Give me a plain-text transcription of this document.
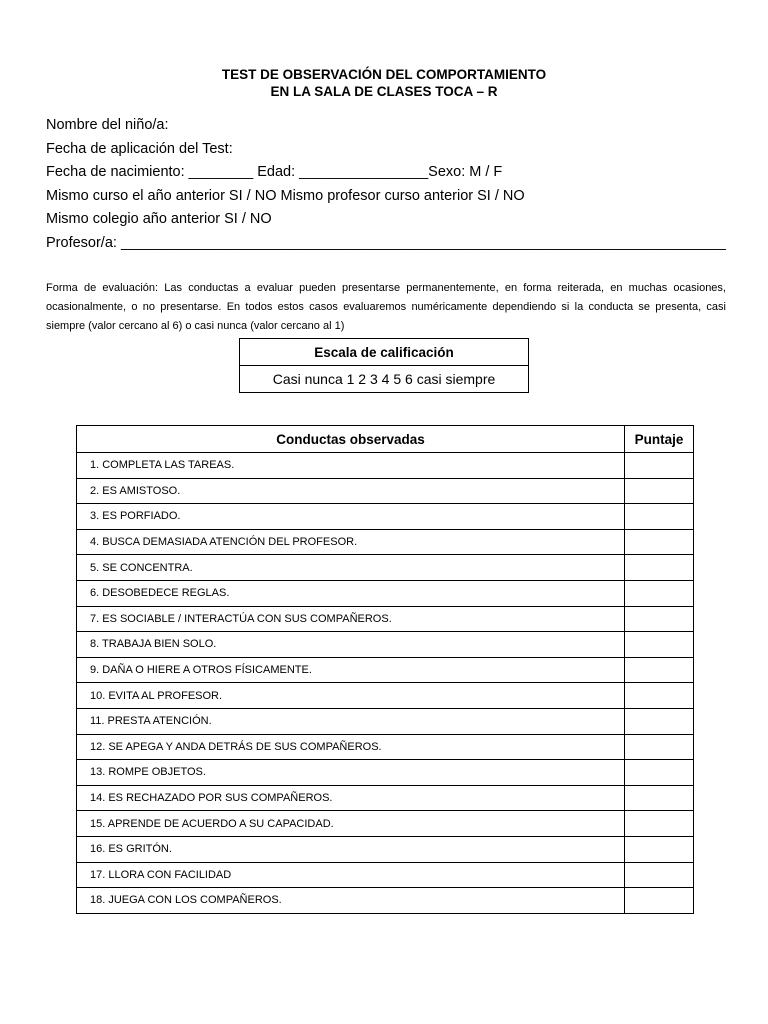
TEST DE OBSERVACIÓN DEL COMPORTAMIENTO
EN LA SALA DE CLASES TOCA – R
Nombre del niño/a:
Fecha de aplicación del Test:
Fecha de nacimiento: ________ Edad: ________________Sexo: M / F
Mismo curso el año anterior SI / NO Mismo profesor curso anterior SI / NO
Mismo colegio año anterior SI / NO
Profesor/a: ___________________________________________________________________________
Forma de evaluación: Las conductas a evaluar pueden presentarse permanentemente, en forma reiterada, en muchas ocasiones, ocasionalmente, o no presentarse. En todos estos casos evaluaremos numéricamente dependiendo si la conducta se presenta, casi siempre (valor cercano al 6) o casi nunca (valor cercano al 1)
Escala de calificación
Casi nunca 1 2 3 4 5 6 casi siempre
Conductas observadas	Puntaje
1. COMPLETA LAS TAREAS.	
2. ES AMISTOSO.	
3. ES PORFIADO.	
4. BUSCA DEMASIADA ATENCIÓN DEL PROFESOR.	
5. SE CONCENTRA.	
6. DESOBEDECE REGLAS.	
7. ES SOCIABLE / INTERACTÚA CON SUS COMPAÑEROS.	
8. TRABAJA BIEN SOLO.	
9. DAÑA O HIERE A OTROS FÍSICAMENTE.	
10. EVITA AL PROFESOR.	
11. PRESTA ATENCIÓN.	
12. SE APEGA Y ANDA DETRÁS DE SUS COMPAÑEROS.	
13. ROMPE OBJETOS.	
14. ES RECHAZADO POR SUS COMPAÑEROS.	
15. APRENDE DE ACUERDO A SU CAPACIDAD.	
16. ES GRITÓN.	
17. LLORA CON FACILIDAD	
18. JUEGA CON LOS COMPAÑEROS.	
